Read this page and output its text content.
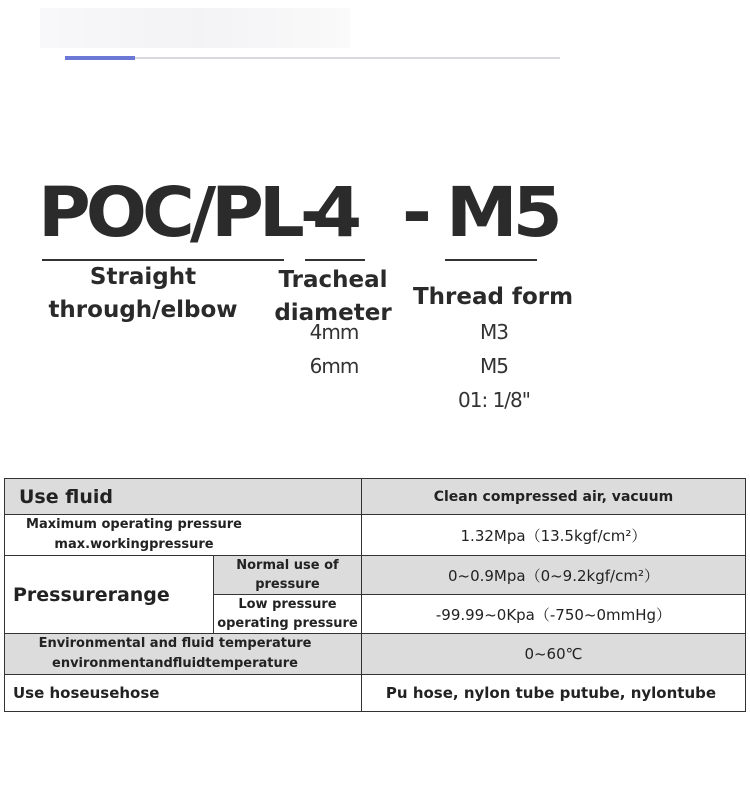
POC/PL-
4 - M5
Straight
through/elbow
Tracheal
diameter
Thread form
4mm
6mm
M3
M5
01: 1/8"
Use fluid		Clean compressed air, vacuum

Maximum operating pressure
max.workingpressure		1.32Mpa（13.5kgf/cm²）
Pressurerange	Normal use of
pressure	0~0.9Mpa（0~9.2kgf/cm²）

	Low pressure
operating pressure	-99.99~0Kpa（-750~0mmHg）

Environmental and fluid temperature
environmentandfluidtemperature		0~60℃
Use hoseusehose		Pu hose, nylon tube putube, nylontube
